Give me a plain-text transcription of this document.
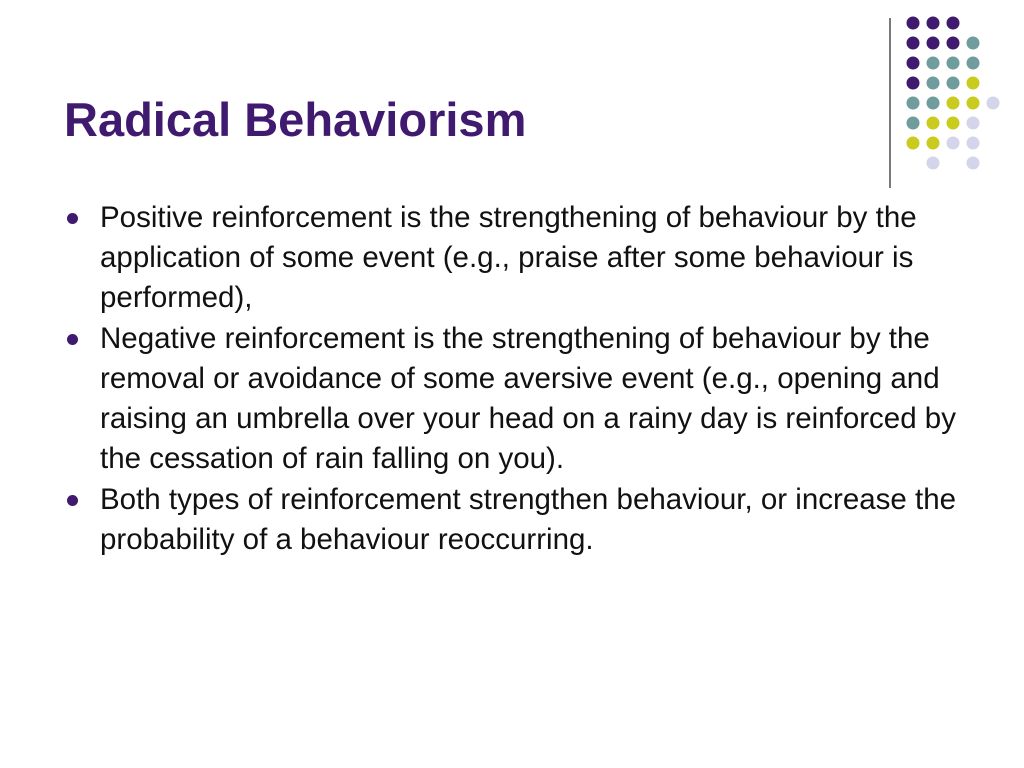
Radical Behaviorism
Positive reinforcement is the strengthening of behaviour by the application of some event (e.g., praise after some behaviour is performed),
Negative reinforcement is the strengthening of behaviour by the removal or avoidance of some aversive event (e.g., opening and raising an umbrella over your head on a rainy day is reinforced by the cessation of rain falling on you).
Both types of reinforcement strengthen behaviour, or increase the probability of a behaviour reoccurring.
